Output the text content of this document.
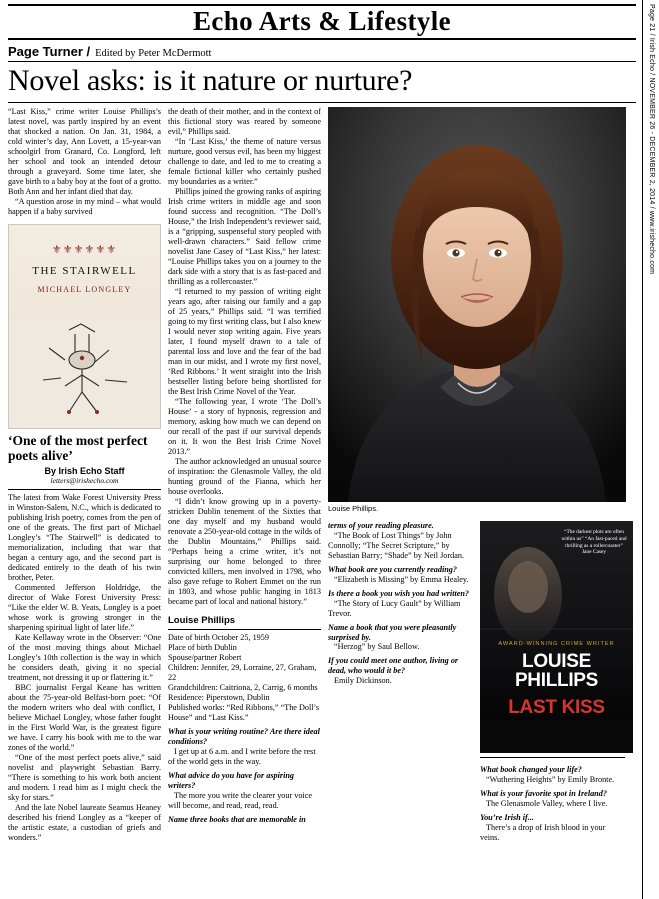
Page 21 / Irish Echo / NOVEMBER 26 - DECEMBER 2, 2014 / www.irishecho.com
Echo Arts & Lifestyle
Page Turner / Edited by Peter McDermott
Novel asks: is it nature or nurture?

“Last Kiss,” crime writer Louise Phillips’s latest novel, was partly inspired by an event that shocked a nation. On Jan. 31, 1984, a cold winter’s day, Ann Lovett, a 15-year-van schoolgirl from Granard, Co. Longford, left her school and took an intended detour through a graveyard. Some time later, she gave birth to a baby boy at the foot of a grotto. Both Ann and her infant died that day.

“A question arose in my mind – what would happen if a baby survived

⚜⚜⚜⚜⚜⚜
THE STAIRWELL
MICHAEL LONGLEY
‘One of the most perfect poets alive’
By Irish Echo Staff
letters@irishecho.com

The latest from Wake Forest University Press in Winston-Salem, N.C., which is dedicated to publishing Irish poetry, comes from the pen of one of the greats. The first part of Michael Longley’s “The Stairwell” is dedicated to memorialization, including that war that began a century ago, and the second part is dedicated entirely to the death of his twin brother, Peter.

Commented Jefferson Holdridge, the director of Wake Forest University Press: “Like the elder W. B. Yeats, Longley is a poet whose work is growing stronger in the sharpening spiritual light of later life.”

Kate Kellaway wrote in the Observer: “One of the most moving things about Michael Longley’s 10th collection is the way in which he considers death, giving it no special treatment, not dressing it up or flattering it.”

BBC journalist Fergal Keane has written about the 75-year-old Belfast-born poet: “Of the modern writers who deal with conflict, I believe Michael Longley, whose father fought in the First World War, is the greatest figure we have. I carry his book with me to the war zones of the world.”

“One of the most perfect poets alive,” said novelist and playwright Sebastian Barry. “There is something to his work both ancient and modern. I read him as I might check the sky for stars.”

And the late Nobel laureate Seamus Heaney described his friend Longley as a “keeper of the artistic estate, a custodian of griefs and wonders.”

the death of their mother, and in the context of this fictional story was reared by someone evil,” Phillips said.

“In ‘Last Kiss,’ the theme of nature versus nurture, good versus evil, has been my biggest challenge to date, and led to me to creating a female fictional killer who certainly pushed my boundaries as a writer.”

Phillips joined the growing ranks of aspiring Irish crime writers in middle age and soon found success and recognition. “The Doll’s House,” the Irish Independent’s reviewer said, is a “gripping, suspenseful story peopled with well-drawn characters.” Said fellow crime novelist Jane Casey of “Last Kiss,” her latest: “Louise Phillips takes you on a journey to the dark side with a story that is as fast-paced and thrilling as a rollercoaster.”

“I returned to my passion of writing eight years ago, after raising our family and a gap of 25 years,” Phillips said. “I was terrified going to my first writing class, but I also knew I would never stop writing again. Five years later, I found myself drawn to a tale of parental loss and love and the fear of the bad man in our midst, and I wrote my first novel, ‘Red Ribbons.’ It went straight into the Irish bestseller listing before being shortlisted for the Best Irish Crime Novel of the Year.

“The following year, I wrote ‘The Doll’s House’ - a story of hypnosis, regression and memory, asking how much we can depend on our recall of the past if our survival depends on it. It won the Best Irish Crime Novel 2013.”

The author acknowledged an unusual source of inspiration: the Glenasmole Valley, the old hunting ground of the Fianna, which her house overlooks.

“I didn’t know growing up in a poverty-stricken Dublin tenement of the Sixties that one day myself and my husband would renovate a 250-year-old cottage in the wilds of the Dublin Mountains,” Phillips said. “Perhaps being a crime writer, it’s not surprising our home belonged to three convicted killers, men involved in 1798, who also gave refuge to Robert Emmet on the run in 1803, and whose public hanging in 1813 became part of local and national history.”

Louise Phillips

Date of birth October 25, 1959

Place of birth Dublin

Spouse/partner Robert

Children: Jennifer, 29, Lorraine, 27, Graham, 22

Grandchildren: Caitriona, 2, Carrig, 6 months

Residence: Piperstown, Dublin

Published works: “Red Ribbons,” “The Doll’s House” and “Last Kiss.”

What is your writing routine? Are there ideal conditions?

I get up at 6 a.m. and I write before the rest of the world gets in the way.

What advice do you have for aspiring writers?

The more you write the clearer your voice will become, and read, read, read.

Name three books that are memorable in

Louise Phillips.

terms of your reading pleasure.

“The Book of Lost Things” by John Connolly; “The Secret Scripture,” by Sebastian Barry; “Shade” by Neil Jordan.

What book are you currently reading?

“Elizabeth is Missing” by Emma Healey.

Is there a book you wish you had written?

“The Story of Lucy Gault” by William Trevor.

Name a book that you were pleasantly surprised by.

“Herzog” by Saul Bellow.

If you could meet one author, living or dead, who would it be?

Emily Dickinson.

“The darkest plots are often within us” “An fast-paced and thrilling as a rollercoaster” Jane Casey
AWARD-WINNING CRIME WRITER
LOUISE PHILLIPS
LAST KISS

What book changed your life?

“Wuthering Heights” by Emily Bronte.

What is your favorite spot in Ireland?

The Glenasmole Valley, where I live.

You’re Irish if...

There’s a drop of Irish blood in your veins.
